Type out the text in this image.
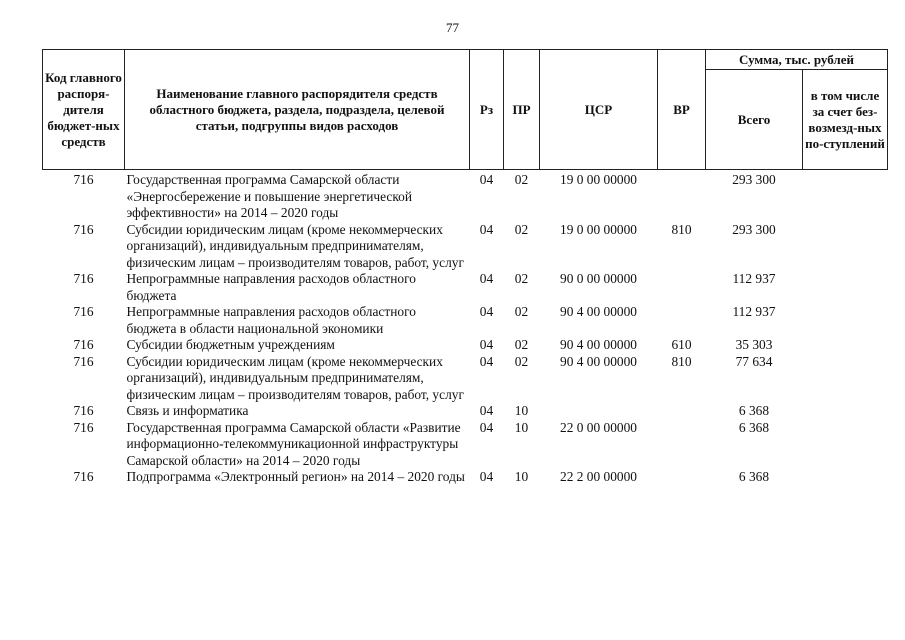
77
Код главного распоря-дителя бюджет-ных средств	Наименование главного распорядителя средств областного бюджета, раздела, подраздела, целевой статьи, подгруппы видов расходов	Рз	ПР	ЦСР	ВР	Сумма, тыс. рублей	
						Всего	в том числе за счет без-возмезд-ных по-ступлений
716	Государственная программа Самарской области «Энергосбережение и повышение энергетической эффективности» на 2014 – 2020 годы	04	02	19 0 00 00000		293 300	
716	Субсидии юридическим лицам (кроме некоммерческих организаций), индивидуальным предпринимателям, физическим лицам – производителям товаров, работ, услуг	04	02	19 0 00 00000	810	293 300	
716	Непрограммные направления расходов областного бюджета	04	02	90 0 00 00000		112 937	
716	Непрограммные направления расходов областного бюджета в области национальной экономики	04	02	90 4 00 00000		112 937	
716	Субсидии бюджетным учреждениям	04	02	90 4 00 00000	610	35 303	
716	Субсидии юридическим лицам (кроме некоммерческих организаций), индивидуальным предпринимателям, физическим лицам – производителям товаров, работ, услуг	04	02	90 4 00 00000	810	77 634	
716	Связь и информатика	04	10			6 368	
716	Государственная программа Самарской области «Развитие информационно-телекоммуникационной инфраструктуры Самарской области» на 2014 – 2020 годы	04	10	22 0 00 00000		6 368	
716	Подпрограмма «Электронный регион» на 2014 – 2020 годы	04	10	22 2 00 00000		6 368	
